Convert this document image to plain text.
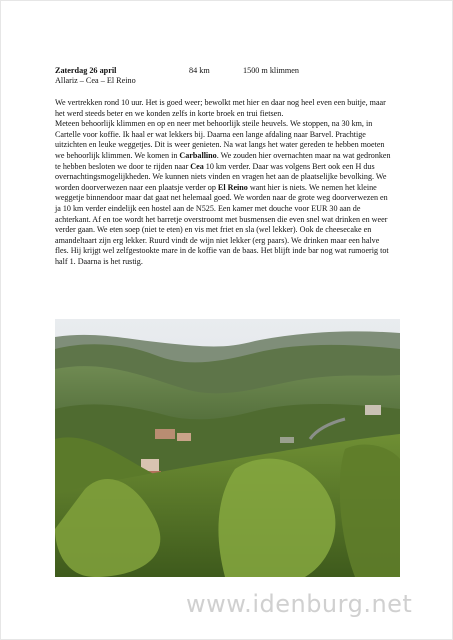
Zaterdag 26 april	84 km	1500 m klimmen
Allariz – Cea – El Reino

We vertrekken rond 10 uur. Het is goed weer; bewolkt met hier en daar nog heel even een buitje, maar het werd steeds beter en we konden zelfs in korte broek en trui fietsen.
Meteen behoorlijk klimmen en op en neer met behoorlijk steile heuvels. We stoppen, na 30 km, in Cartelle voor koffie. Ik haal er wat lekkers bij. Daarna een lange afdaling naar Barvel. Prachtige uitzichten en leuke weggetjes. Dit is weer genieten. Na wat langs het water gereden te hebben moeten we behoorlijk klimmen. We komen in Carballino. We zouden hier overnachten maar na wat gedronken te hebben besloten we door te rijden naar Cea 10 km verder. Daar was volgens Bert ook een H dus overnachtingsmogelijkheden. We kunnen niets vinden en vragen het aan de plaatselijke bevolking. We worden doorverwezen naar een plaatsje verder op El Reino want hier is niets. We nemen het kleine weggetje binnendoor maar dat gaat net helemaal goed. We worden naar de grote weg doorverwezen en ja 10 km verder eindelijk een hostel aan de N525. Een kamer met douche voor EUR 30 aan de achterkant. Af en toe wordt het barretje overstroomt met busmensen die even snel wat drinken en weer verder gaan. We eten soep (niet te eten) en vis met friet en sla (wel lekker). Ook de cheesecake en amandeltaart zijn erg lekker. Ruurd vindt de wijn niet lekker (erg paars). We drinken maar een halve fles. Hij krijgt wel zelfgestookte mare in de koffie van de baas. Het blijft inde bar nog wat rumoerig tot half 1. Daarna is het rustig.

www.idenburg.net
